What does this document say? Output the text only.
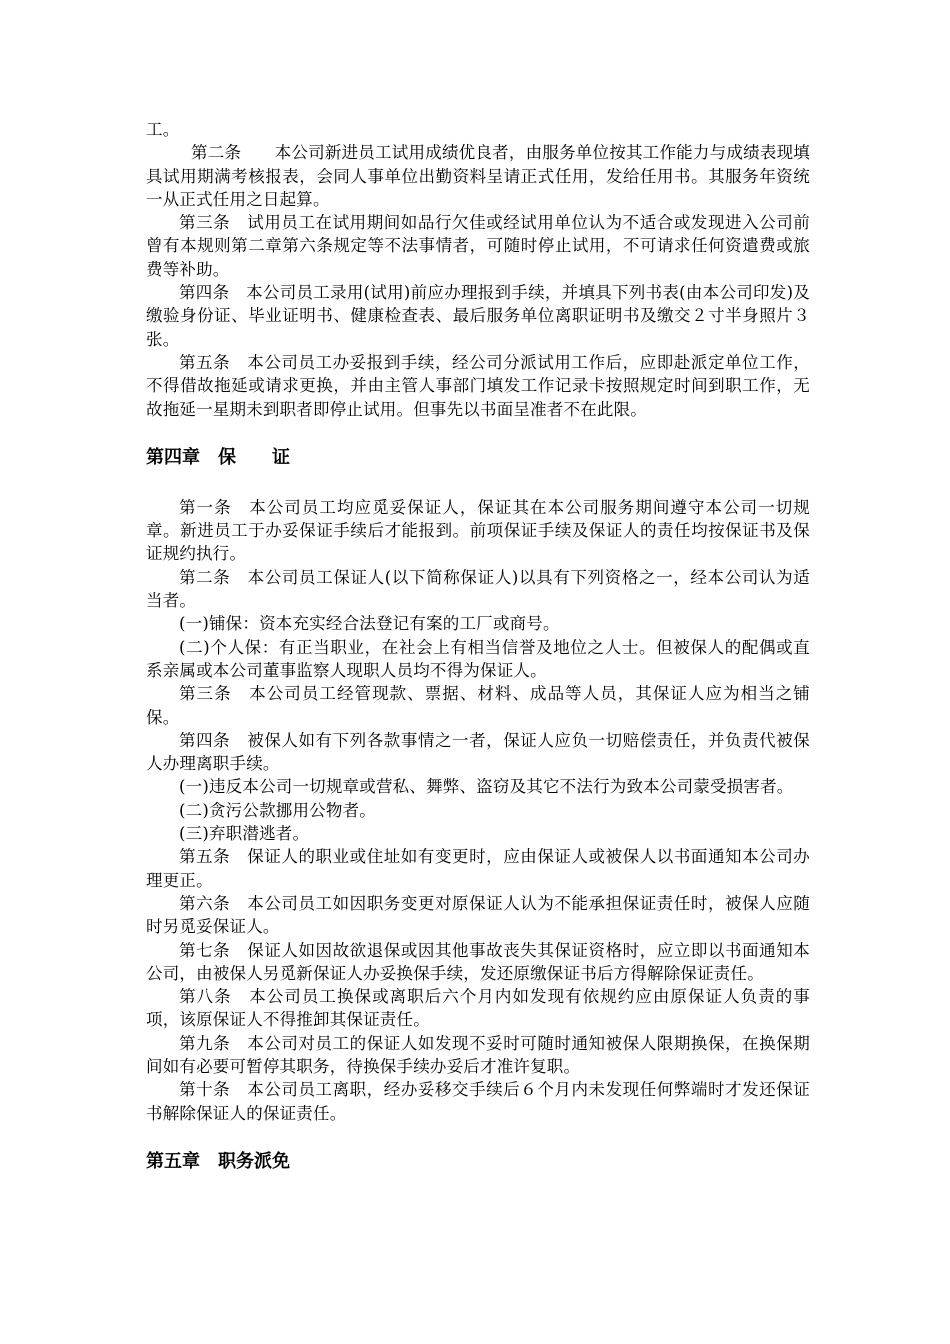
工。

第二条　　本公司新进员工试用成绩优良者，由服务单位按其工作能力与成绩表现填具试用期满考核报表，会同人事单位出勤资料呈请正式任用，发给任用书。其服务年资统一从正式任用之日起算。

第三条　试用员工在试用期间如品行欠佳或经试用单位认为不适合或发现进入公司前曾有本规则第二章第六条规定等不法事情者，可随时停止试用，不可请求任何资遣费或旅费等补助。

第四条　本公司员工录用(试用)前应办理报到手续，并填具下列书表(由本公司印发)及缴验身份证、毕业证明书、健康检查表、最后服务单位离职证明书及缴交２寸半身照片３张。

第五条　本公司员工办妥报到手续，经公司分派试用工作后，应即赴派定单位工作，不得借故拖延或请求更换，并由主管人事部门填发工作记录卡按照规定时间到职工作，无故拖延一星期未到职者即停止试用。但事先以书面呈准者不在此限。

第四章　保　　证

第一条　本公司员工均应觅妥保证人，保证其在本公司服务期间遵守本公司一切规章。新进员工于办妥保证手续后才能报到。前项保证手续及保证人的责任均按保证书及保证规约执行。

第二条　本公司员工保证人(以下简称保证人)以具有下列资格之一，经本公司认为适当者。

(一)铺保：资本充实经合法登记有案的工厂或商号。

(二)个人保：有正当职业，在社会上有相当信誉及地位之人士。但被保人的配偶或直系亲属或本公司董事监察人现职人员均不得为保证人。

第三条　本公司员工经管现款、票据、材料、成品等人员，其保证人应为相当之铺保。

第四条　被保人如有下列各款事情之一者，保证人应负一切赔偿责任，并负责代被保人办理离职手续。

(一)违反本公司一切规章或营私、舞弊、盗窃及其它不法行为致本公司蒙受损害者。

(二)贪污公款挪用公物者。

(三)弃职潜逃者。

第五条　保证人的职业或住址如有变更时，应由保证人或被保人以书面通知本公司办理更正。

第六条　本公司员工如因职务变更对原保证人认为不能承担保证责任时，被保人应随时另觅妥保证人。

第七条　保证人如因故欲退保或因其他事故丧失其保证资格时，应立即以书面通知本公司，由被保人另觅新保证人办妥换保手续，发还原缴保证书后方得解除保证责任。

第八条　本公司员工换保或离职后六个月内如发现有依规约应由原保证人负责的事项，该原保证人不得推卸其保证责任。

第九条　本公司对员工的保证人如发现不妥时可随时通知被保人限期换保，在换保期间如有必要可暂停其职务，待换保手续办妥后才准许复职。

第十条　本公司员工离职，经办妥移交手续后６个月内未发现任何弊端时才发还保证书解除保证人的保证责任。

第五章　职务派免
